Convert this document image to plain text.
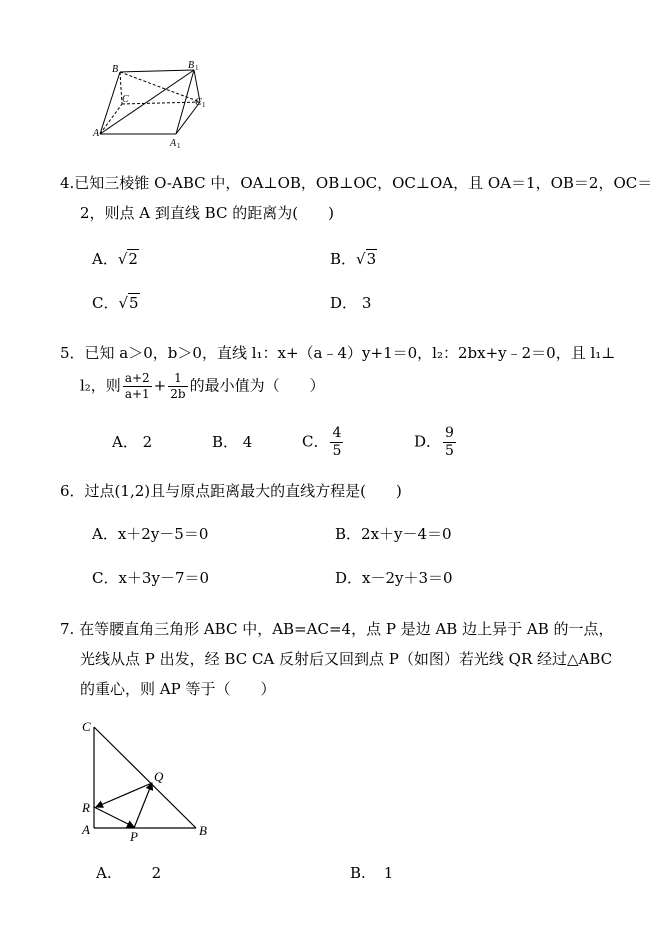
B	B 1
C	C 1
A
A 1
4.已知三棱锥 O-ABC 中，OA⊥OB，OB⊥OC，OC⊥OA，且 OA＝1，OB＝2，OC＝
2，则点 A 到直线 BC 的距离为(　　)
A．√2	B．√3
C．√5	D． 3
5．已知 a＞0，b＞0，直线 l₁：x+（a﹣4）y+1＝0，l₂：2bx+y﹣2＝0，且 l₁⊥
l₂，则 $\frac{a+2}{a+1} + \frac{1}{2b}$ 的最小值为（　　）
A． 2	B． 4	C． $\frac{4}{5}$	D． $\frac{9}{5}$
6．过点(1,2)且与原点距离最大的直线方程是(　　)
A．x＋2y－5＝0	B．2x＋y－4＝0
C．x＋3y－7＝0	D．x－2y＋3＝0
7. 在等腰直角三角形 ABC 中，AB=AC=4，点 P 是边 AB 边上异于 AB 的一点，
光线从点 P 出发，经 BC CA 反射后又回到点 P（如图）若光线 QR 经过△ABC
的重心，则 AP 等于（　　）
C
Q
R
A	P	B
A.	2	B. 1
